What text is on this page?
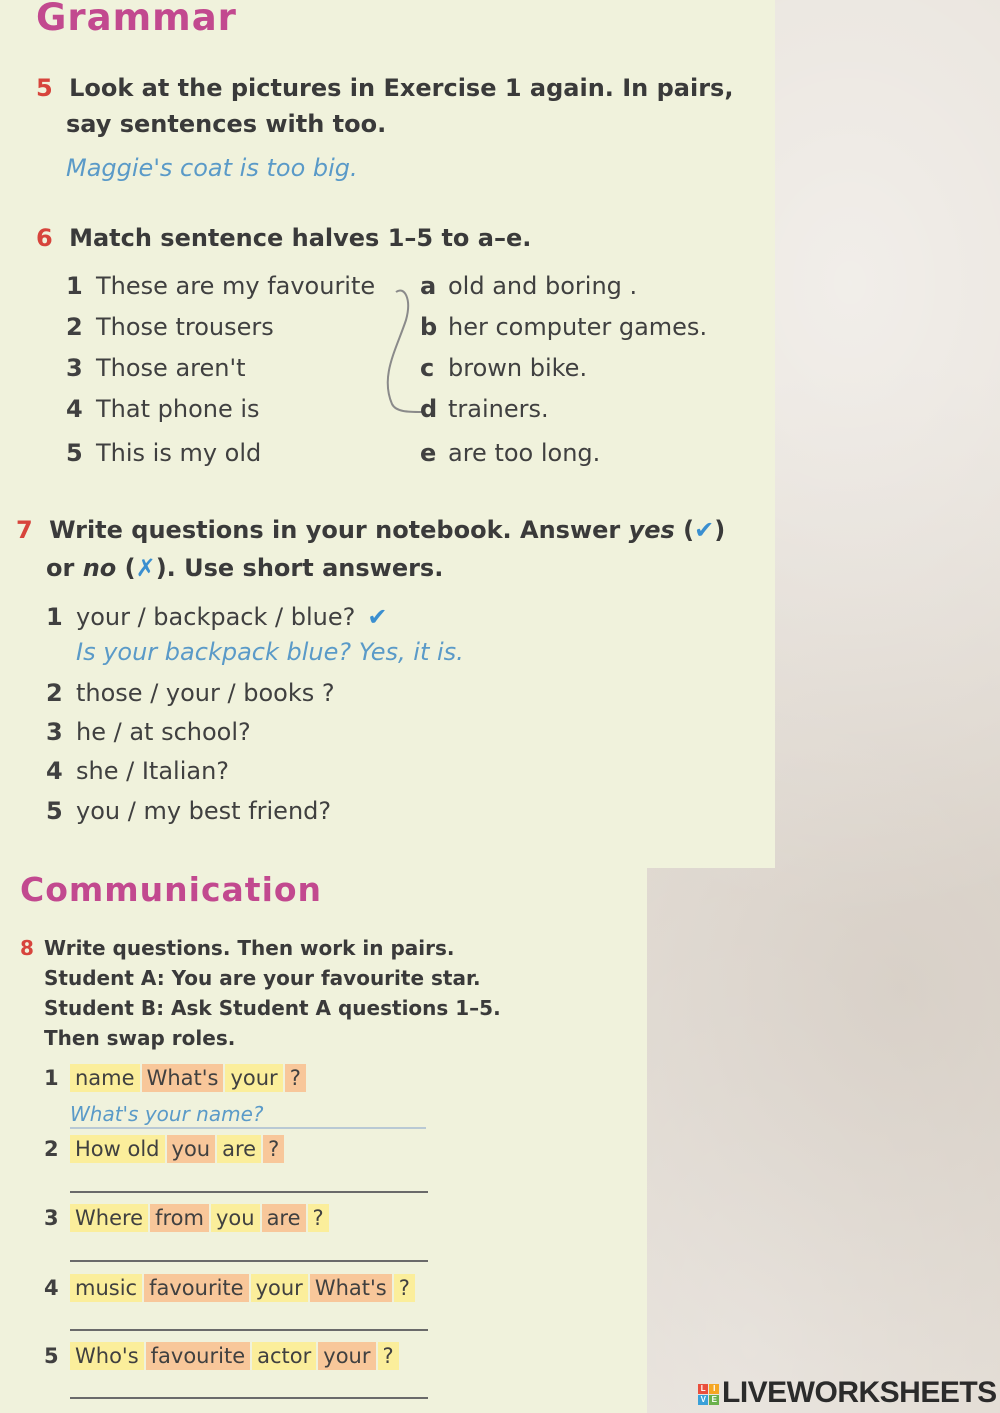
Grammar
5 Look at the pictures in Exercise 1 again. In pairs,
say sentences with too.
Maggie's coat is too big.
6 Match sentence halves 1–5 to a–e.
1 These are my favourite
2 Those trousers
3 Those aren't
4 That phone is
5 This is my old
a old and boring .
b her computer games.
c brown bike.
d trainers.
e are too long.
7 Write questions in your notebook. Answer yes (✔)
or no (✗). Use short answers.
1 your / backpack / blue? ✔
Is your backpack blue? Yes, it is.
2 those / your / books ?
3 he / at school?
4 she / Italian?
5 you / my best friend?
Communication
8 Write questions. Then work in pairs.
Student A: You are your favourite star.
Student B: Ask Student A questions 1–5.
Then swap roles.
1 name What's your ?
What's your name?
2 How old you are ?
3 Where from you are ?
4 music favourite your What's ?
5 Who's favourite actor your ?
L I
V E LIVEWORKSHEETS
